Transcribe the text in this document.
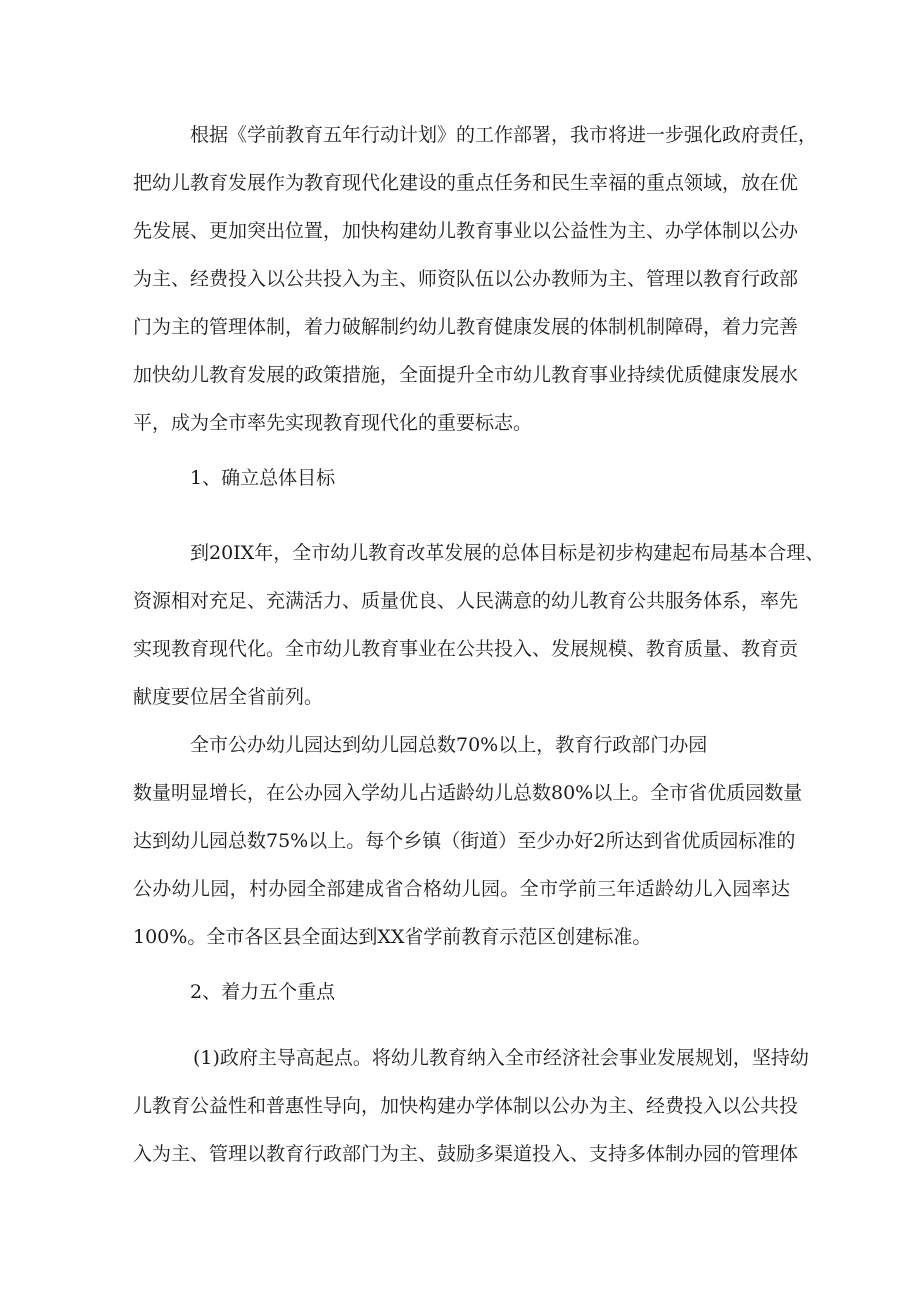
根据《学前教育五年行动计划》的工作部署，我市将进一步强化政府责任，

把幼儿教育发展作为教育现代化建设的重点任务和民生幸福的重点领域，放在优

先发展、更加突出位置，加快构建幼儿教育事业以公益性为主、办学体制以公办

为主、经费投入以公共投入为主、师资队伍以公办教师为主、管理以教育行政部

门为主的管理体制，着力破解制约幼儿教育健康发展的体制机制障碍，着力完善

加快幼儿教育发展的政策措施，全面提升全市幼儿教育事业持续优质健康发展水

平，成为全市率先实现教育现代化的重要标志。

1、确立总体目标

到20IX年，全市幼儿教育改革发展的总体目标是初步构建起布局基本合理、

资源相对充足、充满活力、质量优良、人民满意的幼儿教育公共服务体系，率先

实现教育现代化。全市幼儿教育事业在公共投入、发展规模、教育质量、教育贡

献度要位居全省前列。

全市公办幼儿园达到幼儿园总数70%以上，教育行政部门办园

数量明显增长，在公办园入学幼儿占适龄幼儿总数80%以上。全市省优质园数量

达到幼儿园总数75%以上。每个乡镇（街道）至少办好2所达到省优质园标准的

公办幼儿园，村办园全部建成省合格幼儿园。全市学前三年适龄幼儿入园率达

100%。全市各区县全面达到XX省学前教育示范区创建标准。

2、着力五个重点

(1)政府主导高起点。将幼儿教育纳入全市经济社会事业发展规划，坚持幼

儿教育公益性和普惠性导向，加快构建办学体制以公办为主、经费投入以公共投

入为主、管理以教育行政部门为主、鼓励多渠道投入、支持多体制办园的管理体
